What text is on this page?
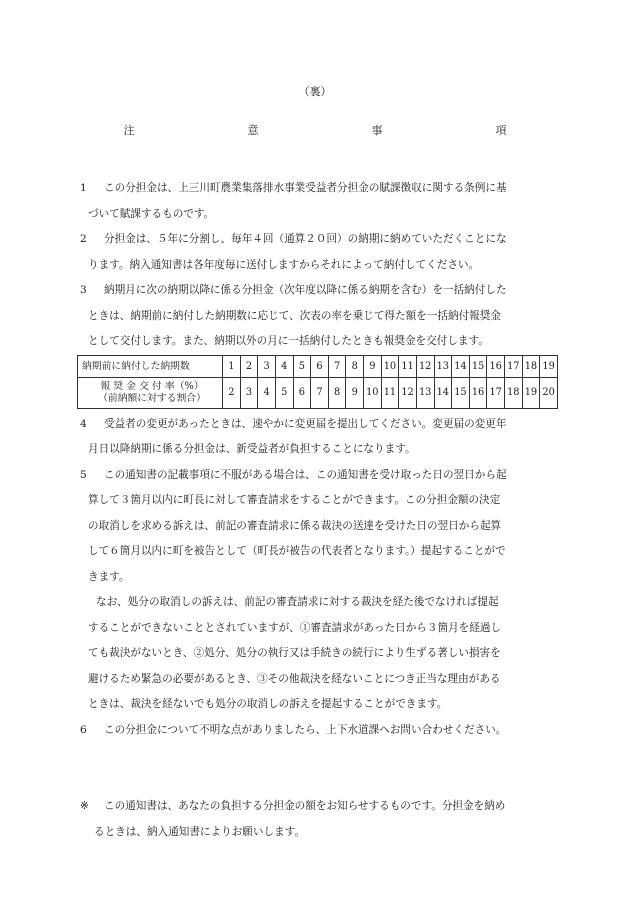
（裏）
注	意	事	項
1 この分担金は、上三川町農業集落排水事業受益者分担金の賦課徴収に関する条例に基
づいて賦課するものです。
2 分担金は、５年に分割し、毎年４回（通算２０回）の納期に納めていただくことにな
ります。納入通知書は各年度毎に送付しますからそれによって納付してください。
3 納期月に次の納期以降に係る分担金（次年度以降に係る納期を含む）を一括納付した
ときは、納期前に納付した納期数に応じて、次表の率を乗じて得た額を一括納付報奨金
として交付します。また、納期以外の月に一括納付したときも報奨金を交付します。
納期前に納付した納期数	1	2	3	4	5	6	7	8	9	10	11	12	13	14	15	16	17	18	19

報 奨 金 交 付 率（%）
（前納額に対する割合）	2	3	4	5	6	7	8	9	10	11	12	13	14	15	16	17	18	19	20
4 受益者の変更があったときは、速やかに変更届を提出してください。変更届の変更年
月日以降納期に係る分担金は、新受益者が負担することになります。
5 この通知書の記載事項に不服がある場合は、この通知書を受け取った日の翌日から起
算して３箇月以内に町長に対して審査請求をすることができます。この分担金額の決定
の取消しを求める訴えは、前記の審査請求に係る裁決の送達を受けた日の翌日から起算
して６箇月以内に町を被告として（町長が被告の代表者となります。）提起することがで
きます。
なお、処分の取消しの訴えは、前記の審査請求に対する裁決を経た後でなければ提起
することができないこととされていますが、①審査請求があった日から３箇月を経過し
ても裁決がないとき、②処分、処分の執行又は手続きの続行により生ずる著しい損害を
避けるため緊急の必要があるとき、③その他裁決を経ないことにつき正当な理由がある
ときは、裁決を経ないでも処分の取消しの訴えを提起することができます。
6 この分担金について不明な点がありましたら、上下水道課へお問い合わせください。
※ この通知書は、あなたの負担する分担金の額をお知らせするものです。分担金を納め
るときは、納入通知書によりお願いします。
